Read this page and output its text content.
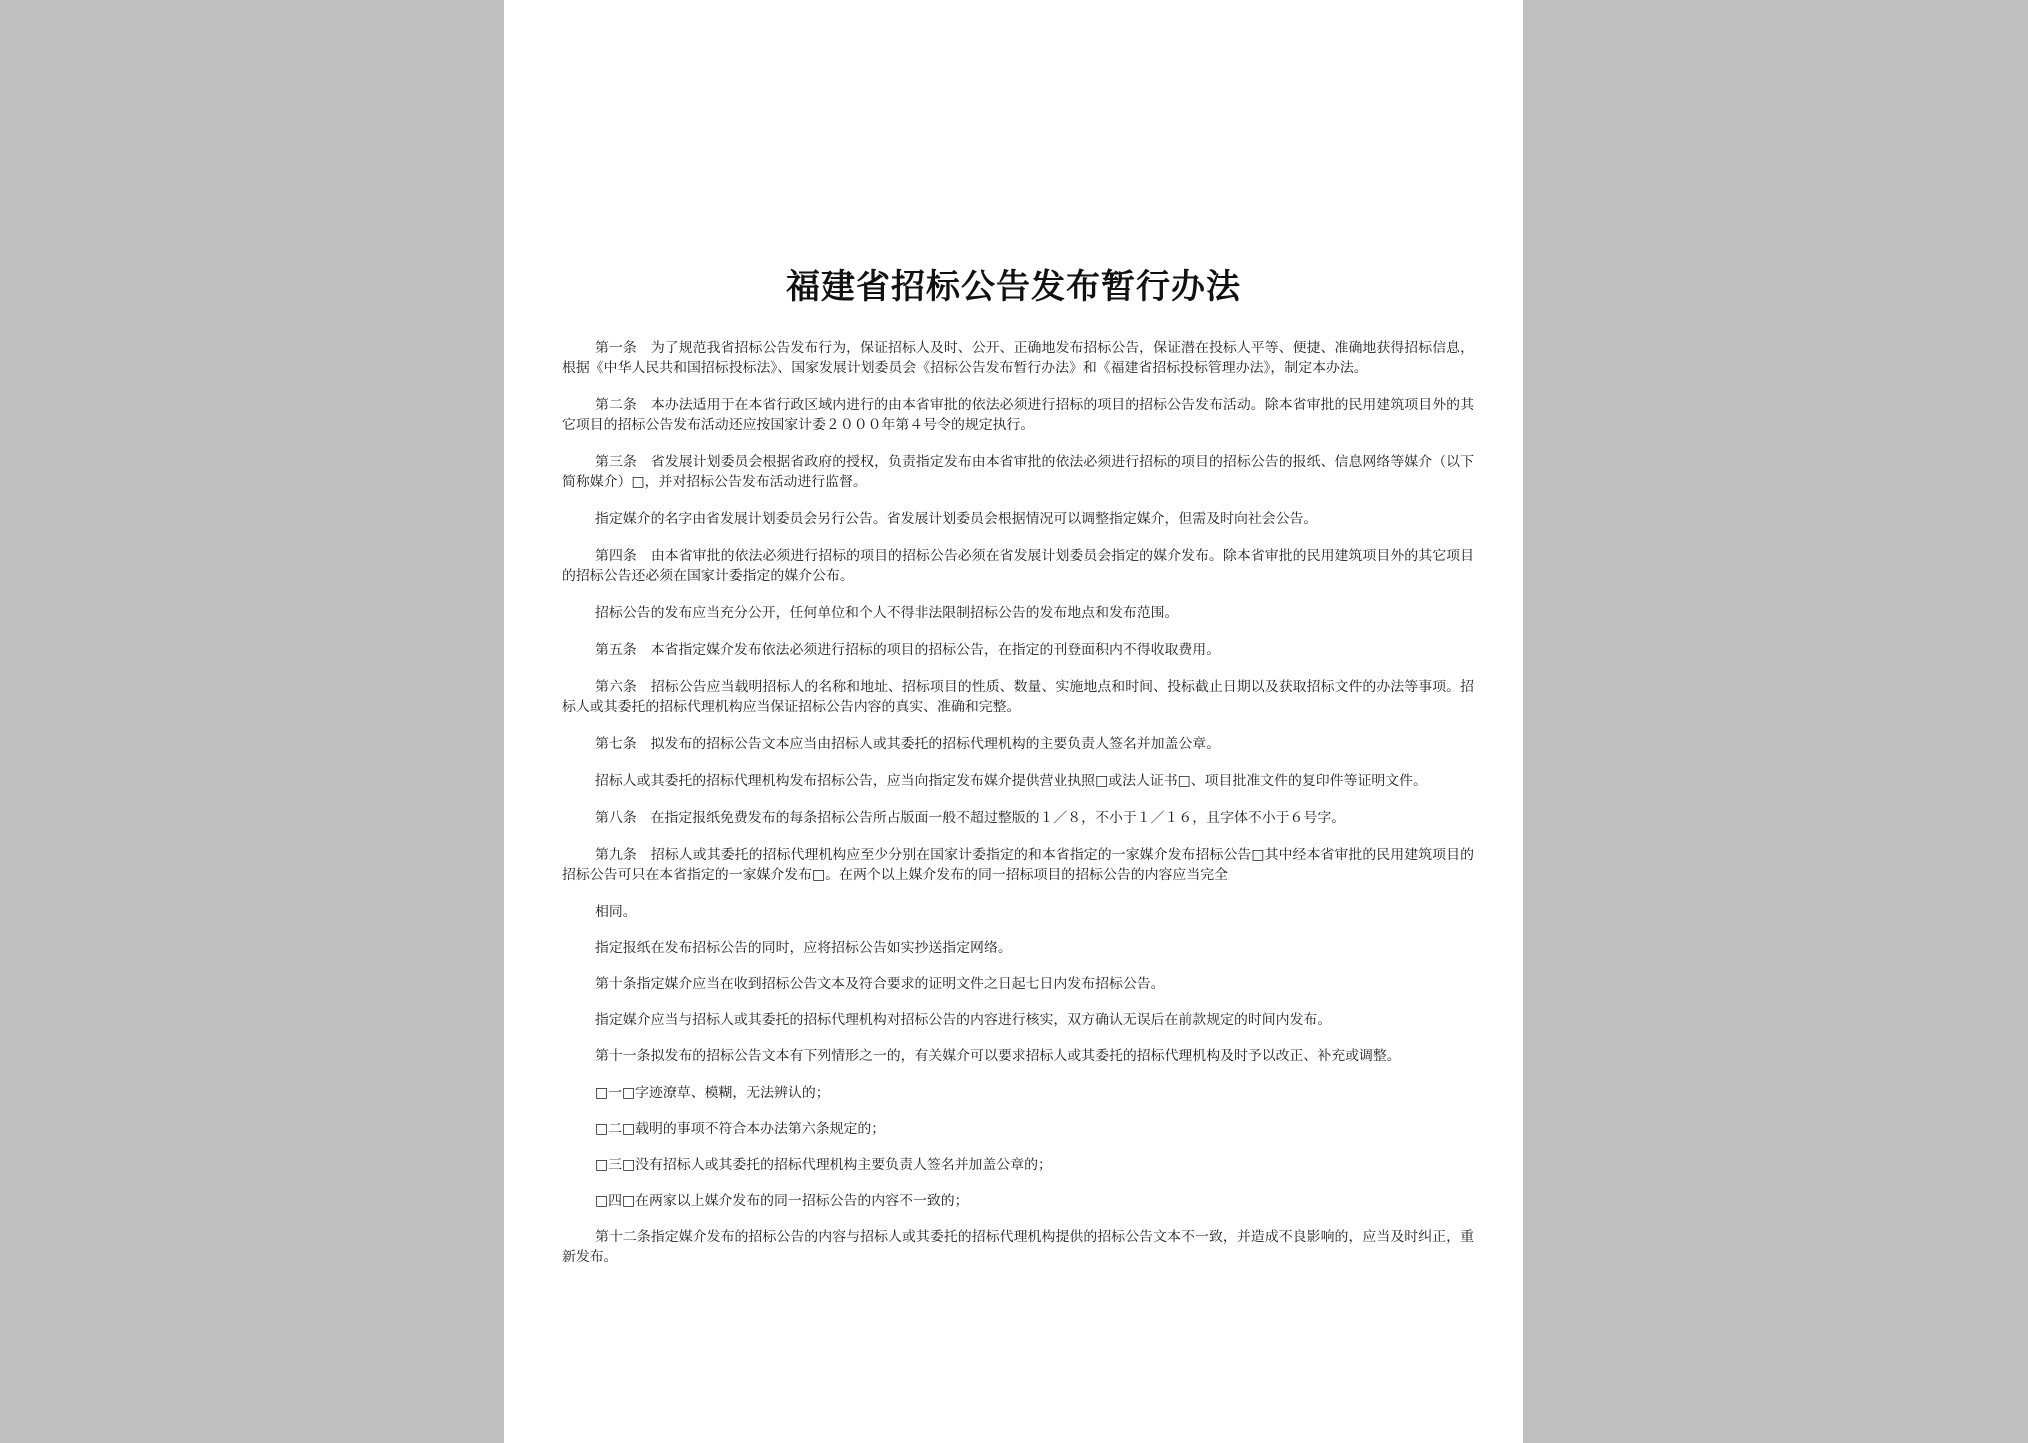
福建省招标公告发布暂行办法

第一条　为了规范我省招标公告发布行为，保证招标人及时、公开、正确地发布招标公告，保证潜在投标人平等、便捷、准确地获得招标信息，根据《中华人民共和国招标投标法》、国家发展计划委员会《招标公告发布暂行办法》和《福建省招标投标管理办法》，制定本办法。

第二条　本办法适用于在本省行政区域内进行的由本省审批的依法必须进行招标的项目的招标公告发布活动。除本省审批的民用建筑项目外的其它项目的招标公告发布活动还应按国家计委２０００年第４号令的规定执行。

第三条　省发展计划委员会根据省政府的授权，负责指定发布由本省审批的依法必须进行招标的项目的招标公告的报纸、信息网络等媒介（以下简称媒介）□，并对招标公告发布活动进行监督。

指定媒介的名字由省发展计划委员会另行公告。省发展计划委员会根据情况可以调整指定媒介，但需及时向社会公告。

第四条　由本省审批的依法必须进行招标的项目的招标公告必须在省发展计划委员会指定的媒介发布。除本省审批的民用建筑项目外的其它项目的招标公告还必须在国家计委指定的媒介公布。

招标公告的发布应当充分公开，任何单位和个人不得非法限制招标公告的发布地点和发布范围。

第五条　本省指定媒介发布依法必须进行招标的项目的招标公告，在指定的刊登面积内不得收取费用。

第六条　招标公告应当载明招标人的名称和地址、招标项目的性质、数量、实施地点和时间、投标截止日期以及获取招标文件的办法等事项。招标人或其委托的招标代理机构应当保证招标公告内容的真实、准确和完整。

第七条　拟发布的招标公告文本应当由招标人或其委托的招标代理机构的主要负责人签名并加盖公章。

招标人或其委托的招标代理机构发布招标公告，应当向指定发布媒介提供营业执照□或法人证书□、项目批准文件的复印件等证明文件。

第八条　在指定报纸免费发布的每条招标公告所占版面一般不超过整版的１／８，不小于１／１６，且字体不小于６号字。

第九条　招标人或其委托的招标代理机构应至少分别在国家计委指定的和本省指定的一家媒介发布招标公告□其中经本省审批的民用建筑项目的招标公告可只在本省指定的一家媒介发布□。在两个以上媒介发布的同一招标项目的招标公告的内容应当完全

相同。

指定报纸在发布招标公告的同时，应将招标公告如实抄送指定网络。

第十条指定媒介应当在收到招标公告文本及符合要求的证明文件之日起七日内发布招标公告。

指定媒介应当与招标人或其委托的招标代理机构对招标公告的内容进行核实，双方确认无误后在前款规定的时间内发布。

第十一条拟发布的招标公告文本有下列情形之一的，有关媒介可以要求招标人或其委托的招标代理机构及时予以改正、补充或调整。

□一□字迹潦草、模糊，无法辨认的；

□二□载明的事项不符合本办法第六条规定的；

□三□没有招标人或其委托的招标代理机构主要负责人签名并加盖公章的；

□四□在两家以上媒介发布的同一招标公告的内容不一致的；

第十二条指定媒介发布的招标公告的内容与招标人或其委托的招标代理机构提供的招标公告文本不一致，并造成不良影响的，应当及时纠正，重新发布。
